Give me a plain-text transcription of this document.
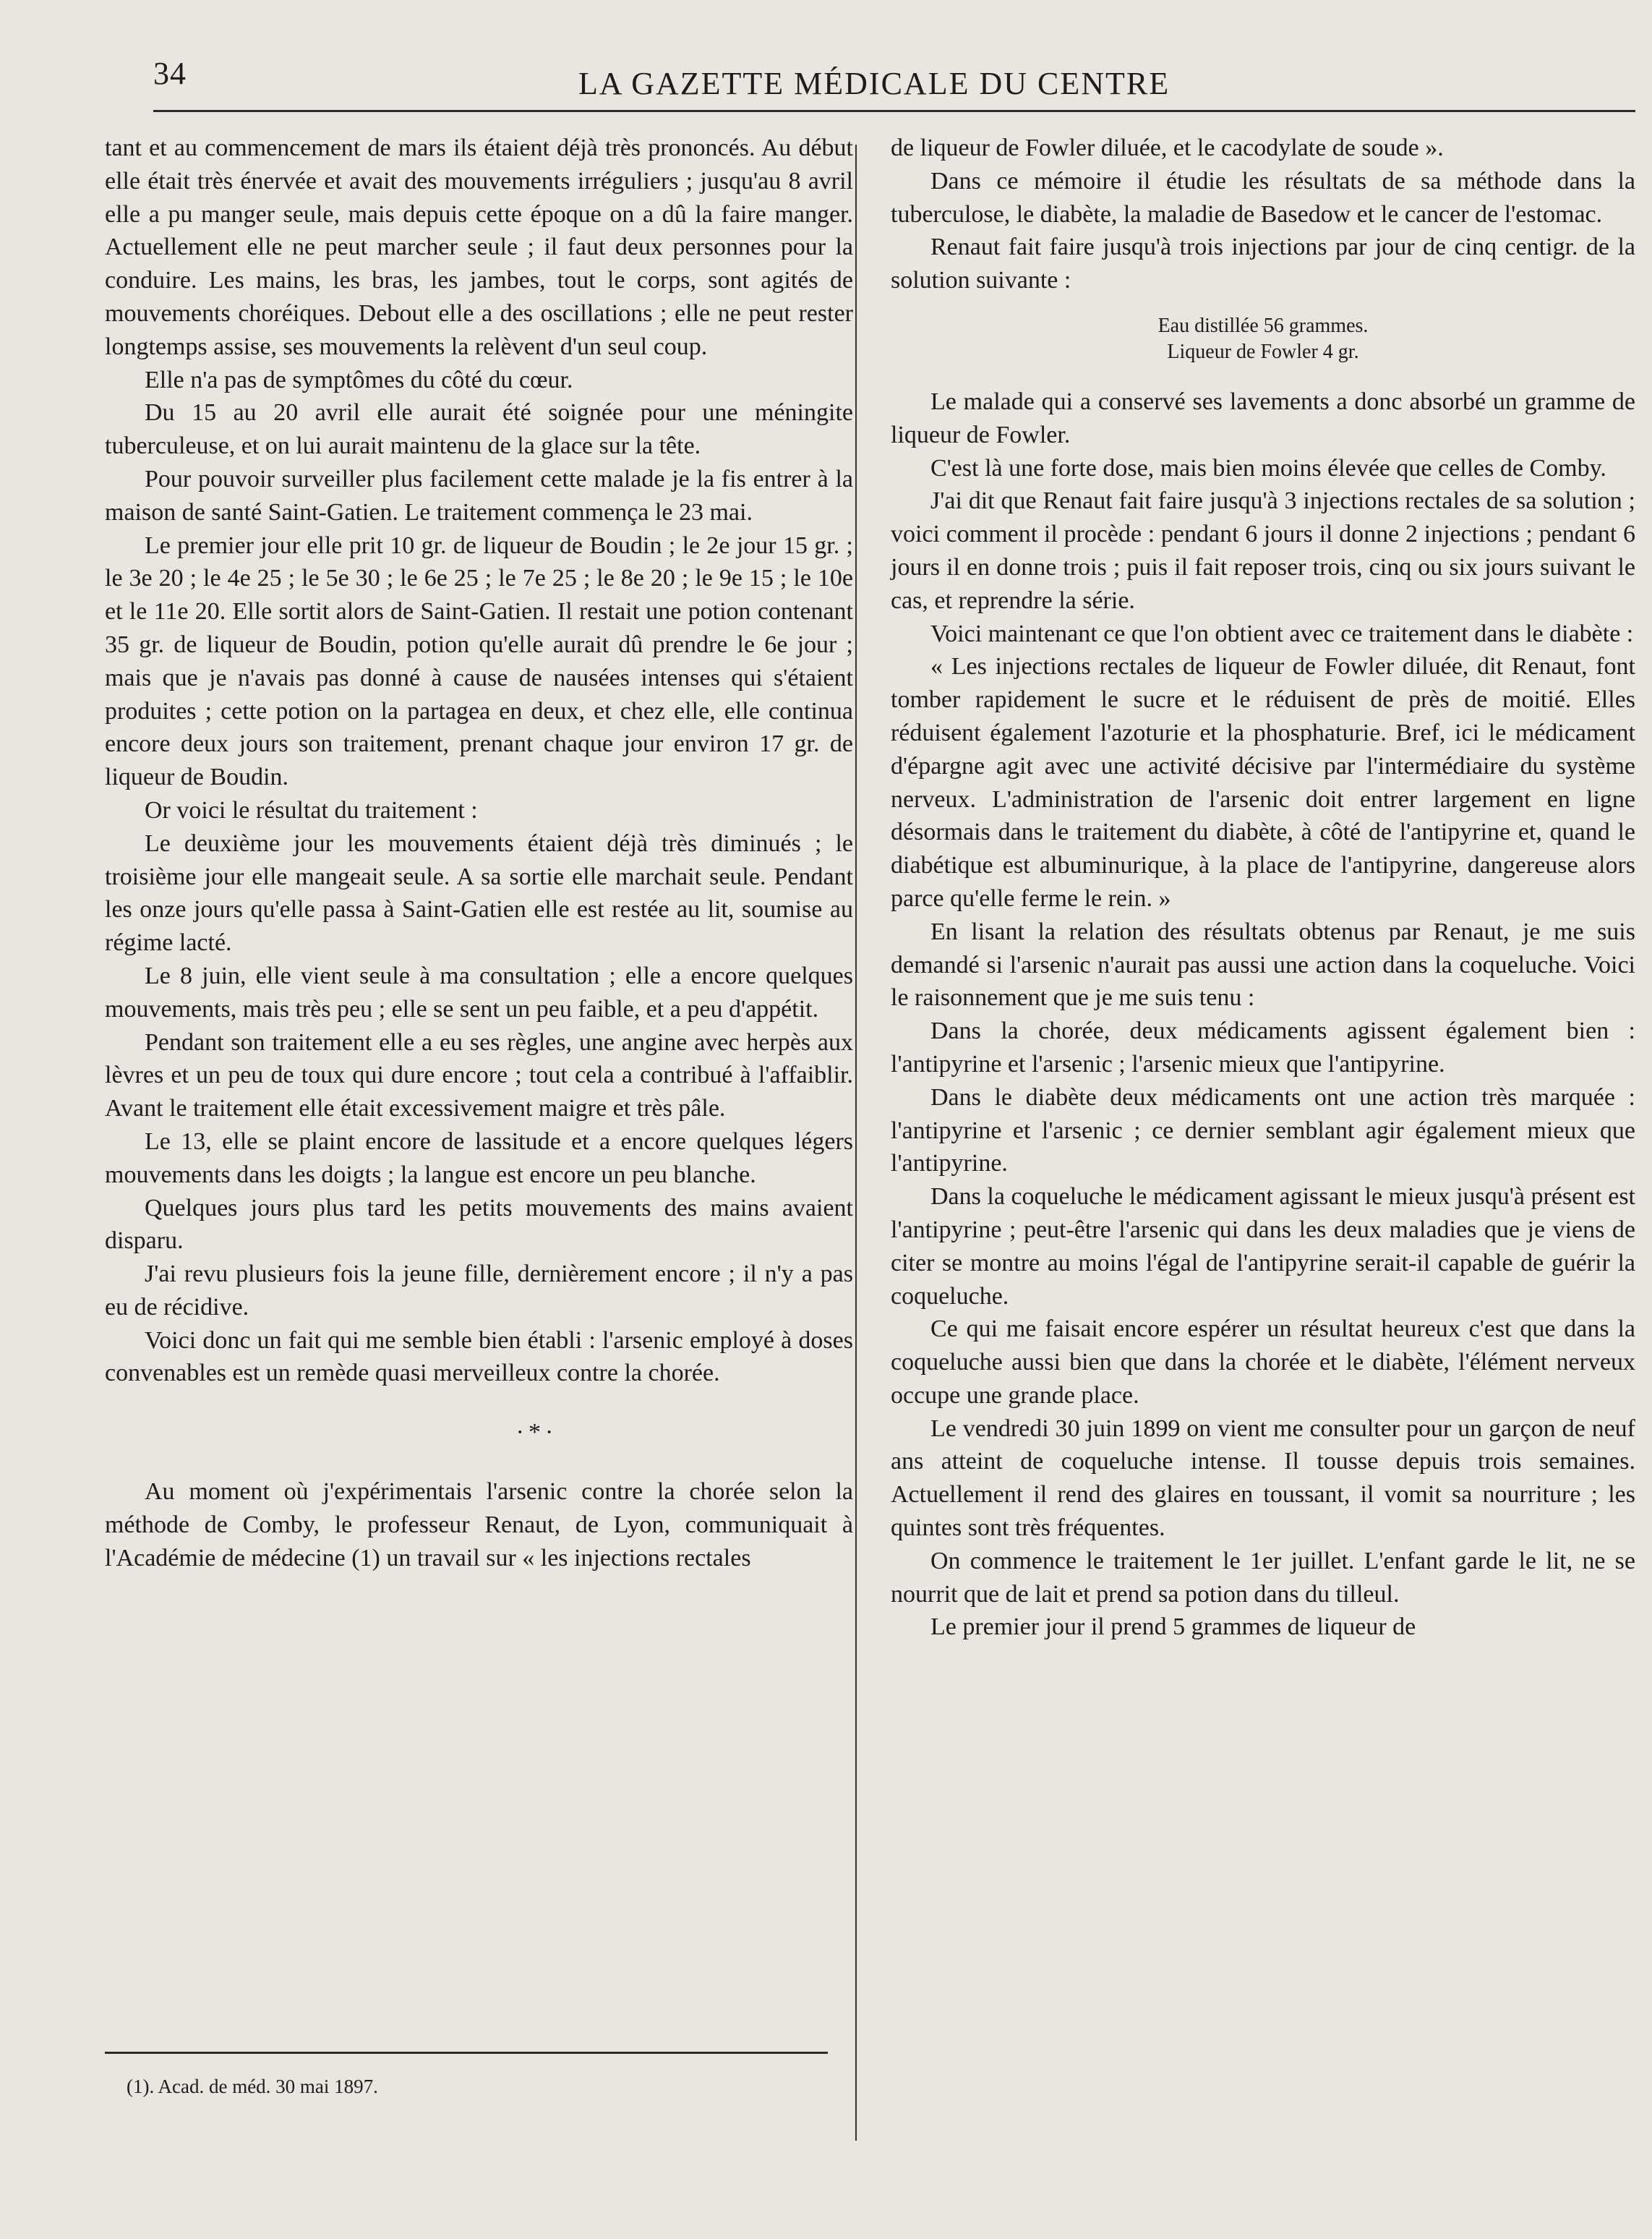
34	LA GAZETTE MÉDICALE DU CENTRE

tant et au commencement de mars ils étaient déjà très prononcés. Au début elle était très énervée et avait des mouvements irréguliers ; jusqu'au 8 avril elle a pu manger seule, mais depuis cette époque on a dû la faire manger. Actuellement elle ne peut marcher seule ; il faut deux personnes pour la conduire. Les mains, les bras, les jambes, tout le corps, sont agités de mouvements choréiques. Debout elle a des oscillations ; elle ne peut rester longtemps assise, ses mouvements la relèvent d'un seul coup.

Elle n'a pas de symptômes du côté du cœur.

Du 15 au 20 avril elle aurait été soignée pour une méningite tuberculeuse, et on lui aurait maintenu de la glace sur la tête.

Pour pouvoir surveiller plus facilement cette malade je la fis entrer à la maison de santé Saint-Gatien. Le traitement commença le 23 mai.

Le premier jour elle prit 10 gr. de liqueur de Boudin ; le 2e jour 15 gr. ; le 3e 20 ; le 4e 25 ; le 5e 30 ; le 6e 25 ; le 7e 25 ; le 8e 20 ; le 9e 15 ; le 10e et le 11e 20. Elle sortit alors de Saint-Gatien. Il restait une potion contenant 35 gr. de liqueur de Boudin, potion qu'elle aurait dû prendre le 6e jour ; mais que je n'avais pas donné à cause de nausées intenses qui s'étaient produites ; cette potion on la partagea en deux, et chez elle, elle continua encore deux jours son traitement, prenant chaque jour environ 17 gr. de liqueur de Boudin.

Or voici le résultat du traitement :

Le deuxième jour les mouvements étaient déjà très diminués ; le troisième jour elle mangeait seule. A sa sortie elle marchait seule. Pendant les onze jours qu'elle passa à Saint-Gatien elle est restée au lit, soumise au régime lacté.

Le 8 juin, elle vient seule à ma consultation ; elle a encore quelques mouvements, mais très peu ; elle se sent un peu faible, et a peu d'appétit.

Pendant son traitement elle a eu ses règles, une angine avec herpès aux lèvres et un peu de toux qui dure encore ; tout cela a contribué à l'affaiblir. Avant le traitement elle était excessivement maigre et très pâle.

Le 13, elle se plaint encore de lassitude et a encore quelques légers mouvements dans les doigts ; la langue est encore un peu blanche.

Quelques jours plus tard les petits mouvements des mains avaient disparu.

J'ai revu plusieurs fois la jeune fille, dernièrement encore ; il n'y a pas eu de récidive.

Voici donc un fait qui me semble bien établi : l'arsenic employé à doses convenables est un remède quasi merveilleux contre la chorée.

·*·

Au moment où j'expérimentais l'arsenic contre la chorée selon la méthode de Comby, le professeur Renaut, de Lyon, communiquait à l'Académie de médecine (1) un travail sur « les injections rectales

(1). Acad. de méd. 30 mai 1897.

de liqueur de Fowler diluée, et le cacodylate de soude ».

Dans ce mémoire il étudie les résultats de sa méthode dans la tuberculose, le diabète, la maladie de Basedow et le cancer de l'estomac.

Renaut fait faire jusqu'à trois injections par jour de cinq centigr. de la solution suivante :

Eau distillée 56 grammes.
Liqueur de Fowler 4 gr.

Le malade qui a conservé ses lavements a donc absorbé un gramme de liqueur de Fowler.

C'est là une forte dose, mais bien moins élevée que celles de Comby.

J'ai dit que Renaut fait faire jusqu'à 3 injections rectales de sa solution ; voici comment il procède : pendant 6 jours il donne 2 injections ; pendant 6 jours il en donne trois ; puis il fait reposer trois, cinq ou six jours suivant le cas, et reprendre la série.

Voici maintenant ce que l'on obtient avec ce traitement dans le diabète :

« Les injections rectales de liqueur de Fowler diluée, dit Renaut, font tomber rapidement le sucre et le réduisent de près de moitié. Elles réduisent également l'azoturie et la phosphaturie. Bref, ici le médicament d'épargne agit avec une activité décisive par l'intermédiaire du système nerveux. L'administration de l'arsenic doit entrer largement en ligne désormais dans le traitement du diabète, à côté de l'antipyrine et, quand le diabétique est albuminurique, à la place de l'antipyrine, dangereuse alors parce qu'elle ferme le rein. »

En lisant la relation des résultats obtenus par Renaut, je me suis demandé si l'arsenic n'aurait pas aussi une action dans la coqueluche. Voici le raisonnement que je me suis tenu :

Dans la chorée, deux médicaments agissent également bien : l'antipyrine et l'arsenic ; l'arsenic mieux que l'antipyrine.

Dans le diabète deux médicaments ont une action très marquée : l'antipyrine et l'arsenic ; ce dernier semblant agir également mieux que l'antipyrine.

Dans la coqueluche le médicament agissant le mieux jusqu'à présent est l'antipyrine ; peut-être l'arsenic qui dans les deux maladies que je viens de citer se montre au moins l'égal de l'antipyrine serait-il capable de guérir la coqueluche.

Ce qui me faisait encore espérer un résultat heureux c'est que dans la coqueluche aussi bien que dans la chorée et le diabète, l'élément nerveux occupe une grande place.

Le vendredi 30 juin 1899 on vient me consulter pour un garçon de neuf ans atteint de coqueluche intense. Il tousse depuis trois semaines. Actuellement il rend des glaires en toussant, il vomit sa nourriture ; les quintes sont très fréquentes.

On commence le traitement le 1er juillet. L'enfant garde le lit, ne se nourrit que de lait et prend sa potion dans du tilleul.

Le premier jour il prend 5 grammes de liqueur de
